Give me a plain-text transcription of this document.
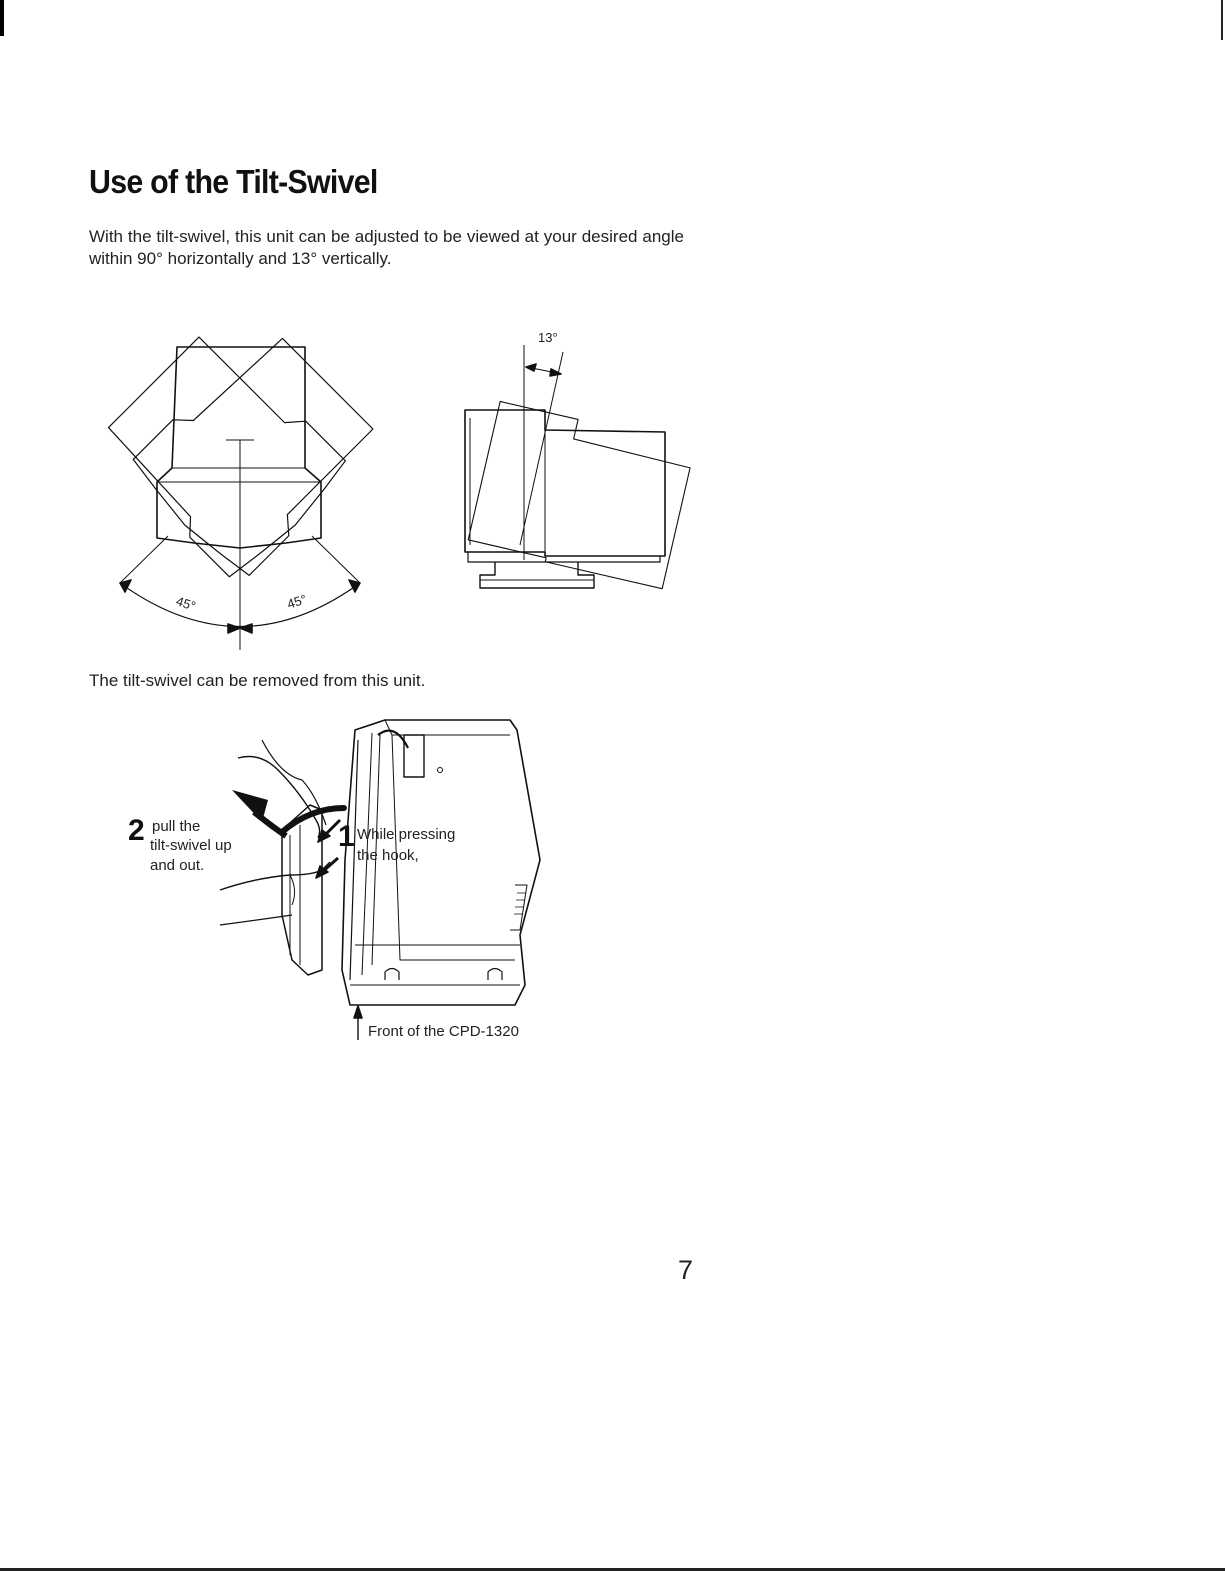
Use of the Tilt-Swivel

With the tilt-swivel, this unit can be adjusted to be viewed at your desired angle within 90° horizontally and 13° vertically.

45°	45°
13°

The tilt-swivel can be removed from this unit.

2 pull the
tilt-swivel up
and out.
1 While pressing
the hook,
Front of the CPD-1320
7
